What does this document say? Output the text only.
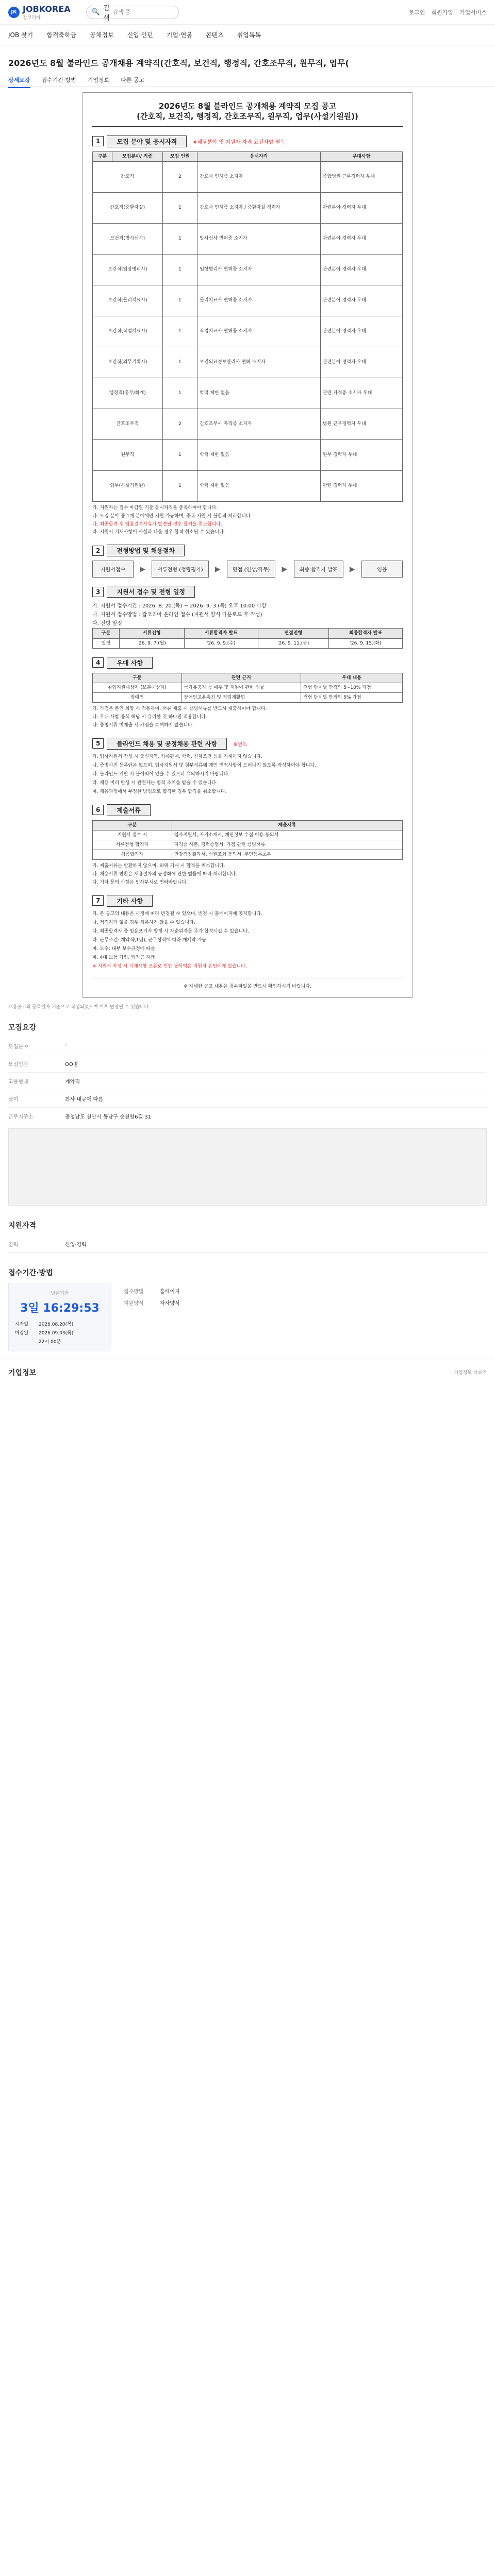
JK JOBKOREA
잡코리아
🔍 검색
검색 중
로그인 회원가입 기업서비스
JOB 찾기 합격축하금 공채정보 신입·인턴 기업·연봉 콘텐츠 취업톡톡
2026년도 8월 불라인드 공개채용 계약직(간호직, 보건직, 행정직, 간호조무직, 원무직, 업무(
상세요강 접수기간·방법 기업정보 다른 공고
2026년도 8월 블라인드 공개채용 계약직 모집 공고
(간호직, 보건직, 행정직, 간호조무직, 원무직, 업무(사설기원원))
1	모집 분야 및 응시자격	※해당분야 및 지원자 자격 요건사항 필독
구분	모집분야/ 직종	모집 인원	응시자격	우대사항
간호직		2	간호사 면허증 소지자	종합병원 근무경력자 우대
간호직(중환자실)		1	간호사 면허증 소지자 / 중환자실 경력자	관련분야 경력자 우대
보건직(방사선사)		1	방사선사 면허증 소지자	관련분야 경력자 우대
보건직(임상병리사)		1	임상병리사 면허증 소지자	관련분야 경력자 우대
보건직(물리치료사)		1	물리치료사 면허증 소지자	관련분야 경력자 우대
보건직(작업치료사)		1	작업치료사 면허증 소지자	관련분야 경력자 우대
보건직(의무기록사)		1	보건의료정보관리사 면허 소지자	관련분야 경력자 우대
행정직(총무/회계)		1	학력 제한 없음	관련 자격증 소지자 우대
간호조무직		2	간호조무사 자격증 소지자	병원 근무경력자 우대
원무직		1	학력 제한 없음	원무 경력자 우대
업무(사설기원원)		1	학력 제한 없음	관련 경력자 우대

가. 지원자는 접수 마감일 기준 응시자격을 충족하여야 합니다.

나. 모집 분야 중 1개 분야에만 지원 가능하며, 중복 지원 시 불합격 처리합니다.

다. 최종합격 후 임용결격사유가 발견될 경우 합격을 취소합니다.

라. 지원서 기재사항이 사실과 다를 경우 합격 취소될 수 있습니다.

2	전형방법 및 채용절차
지원서접수	▶	서류전형 (정량평가)	▶	면접 (인성/직무)	▶	최종 합격자 발표	▶	임용
3	지원서 접수 및 전형 일정

가. 지원서 접수기간 : 2026. 8. 20.(목) ~ 2026. 9. 3.(목) 오후 10:00 마감

나. 지원서 접수방법 : 잡코리아 온라인 접수 (지원서 양식 다운로드 후 작성)

다. 전형 일정

구분	서류전형	서류합격자 발표	면접전형	최종합격자 발표
일정	'26. 9. 7.(월)	'26. 9. 9.(수)	'26. 9. 11.(금)	'26. 9. 15.(화)
4	우대 사항
구분	관련 근거	우대 내용
취업지원대상자 (보훈대상자)	국가유공자 등 예우 및 지원에 관한 법률	전형 단계별 만점의 5~10% 가점
장애인	장애인고용촉진 및 직업재활법	전형 단계별 만점의 5% 가점

가. 가점은 본인 희망 시 적용하며, 서류 제출 시 증빙서류를 반드시 제출하여야 합니다.

나. 우대 사항 중복 해당 시 유리한 것 하나만 적용합니다.

다. 증빙서류 미제출 시 가점을 부여하지 않습니다.

5	블라인드 채용 및 공정채용 관련 사항	※필독

가. 입사지원서 작성 시 출신지역, 가족관계, 학력, 신체조건 등을 기재하지 않습니다.

나. 증명사진 등록란은 없으며, 입사지원서 및 첨부서류에 개인 인적사항이 드러나지 않도록 작성하여야 합니다.

다. 블라인드 위반 시 불이익이 있을 수 있으니 유의하시기 바랍니다.

라. 채용 비리 발생 시 관련자는 법적 조치를 받을 수 있습니다.

마. 채용과정에서 부정한 방법으로 합격한 경우 합격을 취소합니다.

6	제출서류
구분	제출서류
지원서 접수 시	입사지원서, 자기소개서, 개인정보 수집·이용 동의서
서류전형 합격자	자격증 사본, 경력증명서, 가점 관련 증빙서류
최종합격자	건강검진결과서, 신원조회 동의서, 주민등록초본

가. 제출서류는 반환하지 않으며, 허위 기재 시 합격을 취소합니다.

나. 채용서류 반환은 채용절차의 공정화에 관한 법률에 따라 처리합니다.

다. 기타 문의 사항은 인사부서로 연락바랍니다.

7	기타 사항

가. 본 공고의 내용은 사정에 따라 변경될 수 있으며, 변경 시 홈페이지에 공지합니다.

나. 적격자가 없을 경우 채용하지 않을 수 있습니다.

다. 최종합격자 중 임용포기자 발생 시 차순위자를 추가 합격시킬 수 있습니다.

라. 근무조건: 계약직(1년), 근무성적에 따라 재계약 가능

마. 보수: 내부 보수규정에 따름

바. 4대 보험 가입, 퇴직금 지급

※ 지원서 작성 시 기재사항 오류로 인한 불이익은 지원자 본인에게 있습니다.

※ 자세한 공고 내용은 첨부파일을 반드시 확인하시기 바랍니다.
채용공고의 등록일자 기준으로 작성되었으며 이후 변경될 수 있습니다.
모집요강
모집분야	-
모집인원	OO명
고용형태	계약직
급여	회사 내규에 따름
근무지주소	충청남도 천안시 동남구 순천향6길 31
지원자격
경력	신입·경력
접수기간·방법
남은기간
3일 16:29:53
시작일	2026.08.20(목)
마감일	2026.09.03(목)
22시 00분
접수방법	홈페이지
지원양식	자사양식
기업정보	기업정보 더보기
